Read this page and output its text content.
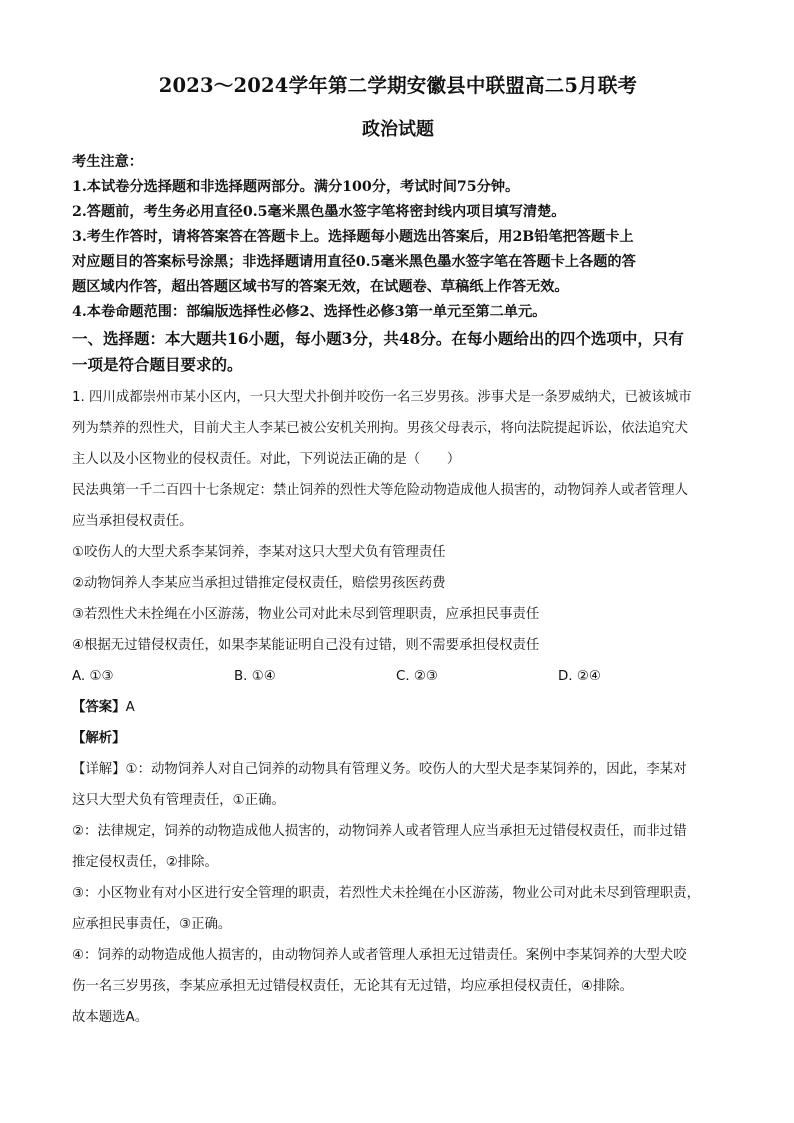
2023～2024学年第二学期安徽县中联盟高二5月联考
政治试题
考生注意：
1.本试卷分选择题和非选择题两部分。满分100分，考试时间75分钟。
2.答题前，考生务必用直径0.5毫米黑色墨水签字笔将密封线内项目填写清楚。
3.考生作答时，请将答案答在答题卡上。选择题每小题选出答案后，用2B铅笔把答题卡上
对应题目的答案标号涂黑；非选择题请用直径0.5毫米黑色墨水签字笔在答题卡上各题的答
题区域内作答，超出答题区域书写的答案无效，在试题卷、草稿纸上作答无效。
4.本卷命题范围：部编版选择性必修2、选择性必修3第一单元至第二单元。
一、选择题：本大题共16小题，每小题3分，共48分。在每小题给出的四个选项中，只有
一项是符合题目要求的。
1. 四川成都崇州市某小区内，一只大型犬扑倒并咬伤一名三岁男孩。涉事犬是一条罗威纳犬，已被该城市
列为禁养的烈性犬，目前犬主人李某已被公安机关刑拘。男孩父母表示，将向法院提起诉讼，依法追究犬
主人以及小区物业的侵权责任。对此，下列说法正确的是（　　）
民法典第一千二百四十七条规定：禁止饲养的烈性犬等危险动物造成他人损害的，动物饲养人或者管理人
应当承担侵权责任。
①咬伤人的大型犬系李某饲养，李某对这只大型犬负有管理责任
②动物饲养人李某应当承担过错推定侵权责任，赔偿男孩医药费
③若烈性犬未拴绳在小区游荡，物业公司对此未尽到管理职责，应承担民事责任
④根据无过错侵权责任，如果李某能证明自己没有过错，则不需要承担侵权责任
A. ①③	B. ①④	C. ②③	D. ②④
【答案】A
【解析】
【详解】①：动物饲养人对自己饲养的动物具有管理义务。咬伤人的大型犬是李某饲养的，因此，李某对
这只大型犬负有管理责任，①正确。
②：法律规定，饲养的动物造成他人损害的，动物饲养人或者管理人应当承担无过错侵权责任，而非过错
推定侵权责任，②排除。
③：小区物业有对小区进行安全管理的职责，若烈性犬未拴绳在小区游荡，物业公司对此未尽到管理职责，
应承担民事责任，③正确。
④：饲养的动物造成他人损害的，由动物饲养人或者管理人承担无过错责任。案例中李某饲养的大型犬咬
伤一名三岁男孩，李某应承担无过错侵权责任，无论其有无过错，均应承担侵权责任，④排除。
故本题选A。
